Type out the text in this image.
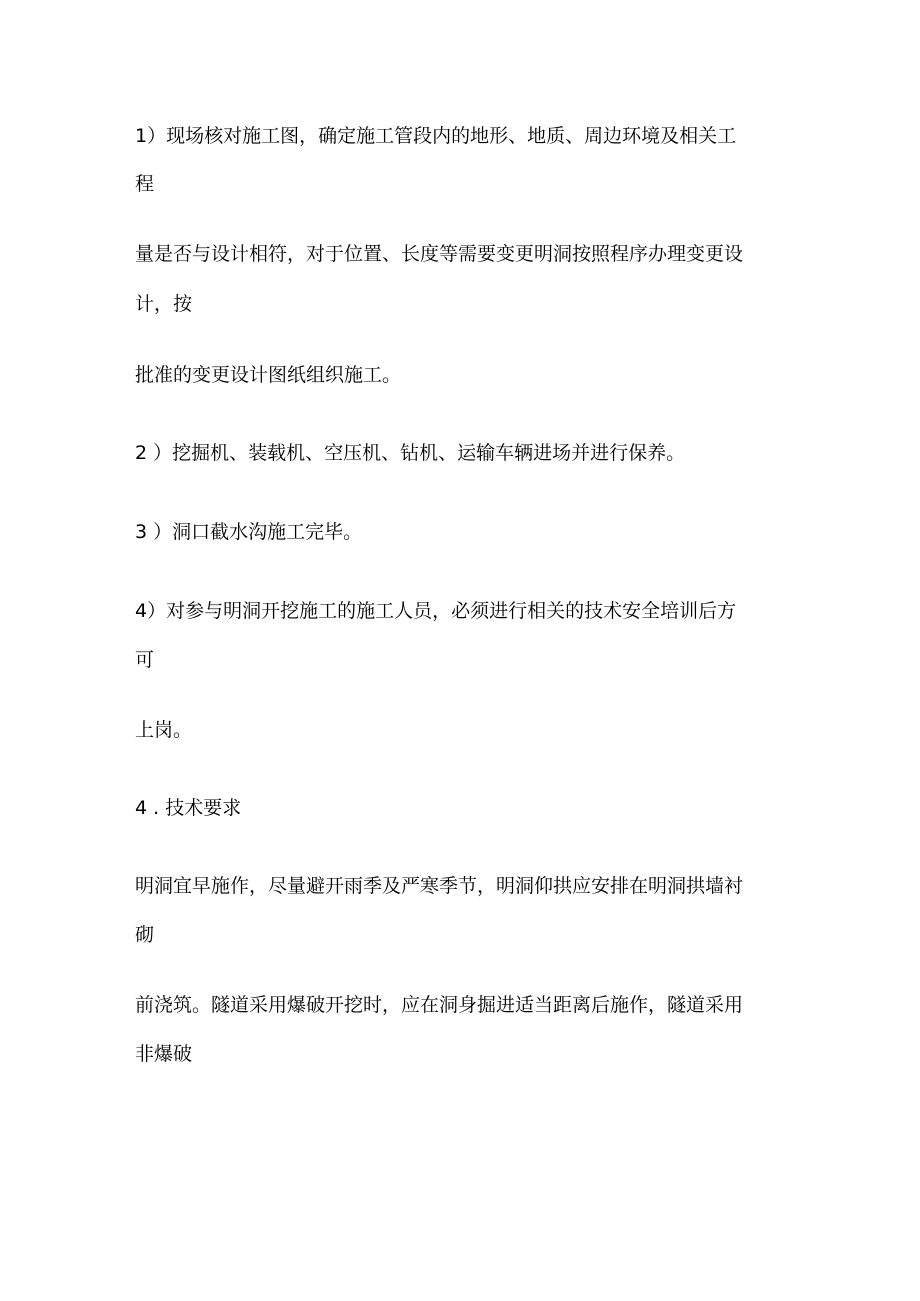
1）现场核对施工图，确定施工管段内的地形、地质、周边环境及相关工

程

量是否与设计相符，对于位置、长度等需要变更明洞按照程序办理变更设

计，按

批准的变更设计图纸组织施工。

2 ）挖掘机、装载机、空压机、钻机、运输车辆进场并进行保养。

3 ）洞口截水沟施工完毕。

4）对参与明洞开挖施工的施工人员，必须进行相关的技术安全培训后方

可

上岗。

4 . 技术要求

明洞宜早施作，尽量避开雨季及严寒季节，明洞仰拱应安排在明洞拱墙衬

砌

前浇筑。隧道采用爆破开挖时，应在洞身掘进适当距离后施作，隧道采用

非爆破
